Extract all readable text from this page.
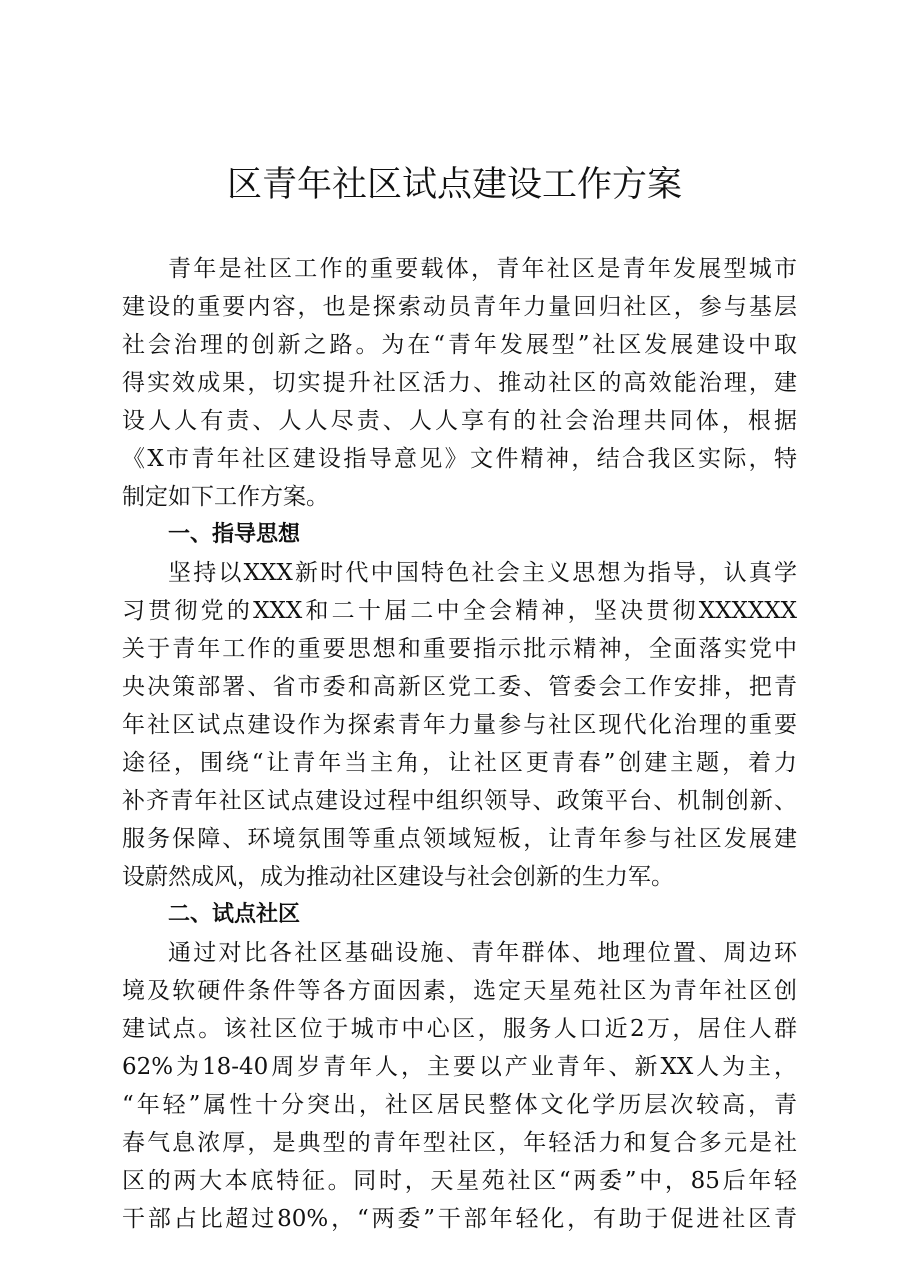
区青年社区试点建设工作方案
青年是社区工作的重要载体，青年社区是青年发展型城市
建设的重要内容，也是探索动员青年力量回归社区，参与基层
社会治理的创新之路。为在“青年发展型”社区发展建设中取
得实效成果，切实提升社区活力、推动社区的高效能治理，建
设人人有责、人人尽责、人人享有的社会治理共同体，根据
《X市青年社区建设指导意见》文件精神，结合我区实际，特
制定如下工作方案。
一、指导思想
坚持以XXX新时代中国特色社会主义思想为指导，认真学
习贯彻党的XXX和二十届二中全会精神，坚决贯彻XXXXXX
关于青年工作的重要思想和重要指示批示精神，全面落实党中
央决策部署、省市委和高新区党工委、管委会工作安排，把青
年社区试点建设作为探索青年力量参与社区现代化治理的重要
途径，围绕“让青年当主角，让社区更青春”创建主题，着力
补齐青年社区试点建设过程中组织领导、政策平台、机制创新、
服务保障、环境氛围等重点领域短板，让青年参与社区发展建
设蔚然成风，成为推动社区建设与社会创新的生力军。
二、试点社区
通过对比各社区基础设施、青年群体、地理位置、周边环
境及软硬件条件等各方面因素，选定天星苑社区为青年社区创
建试点。该社区位于城市中心区，服务人口近2万，居住人群
62%为18-40周岁青年人，主要以产业青年、新XX人为主，
“年轻”属性十分突出，社区居民整体文化学历层次较高，青
春气息浓厚，是典型的青年型社区，年轻活力和复合多元是社
区的两大本底特征。同时，天星苑社区“两委”中，85后年轻
干部占比超过80%，“两委”干部年轻化，有助于促进社区青
